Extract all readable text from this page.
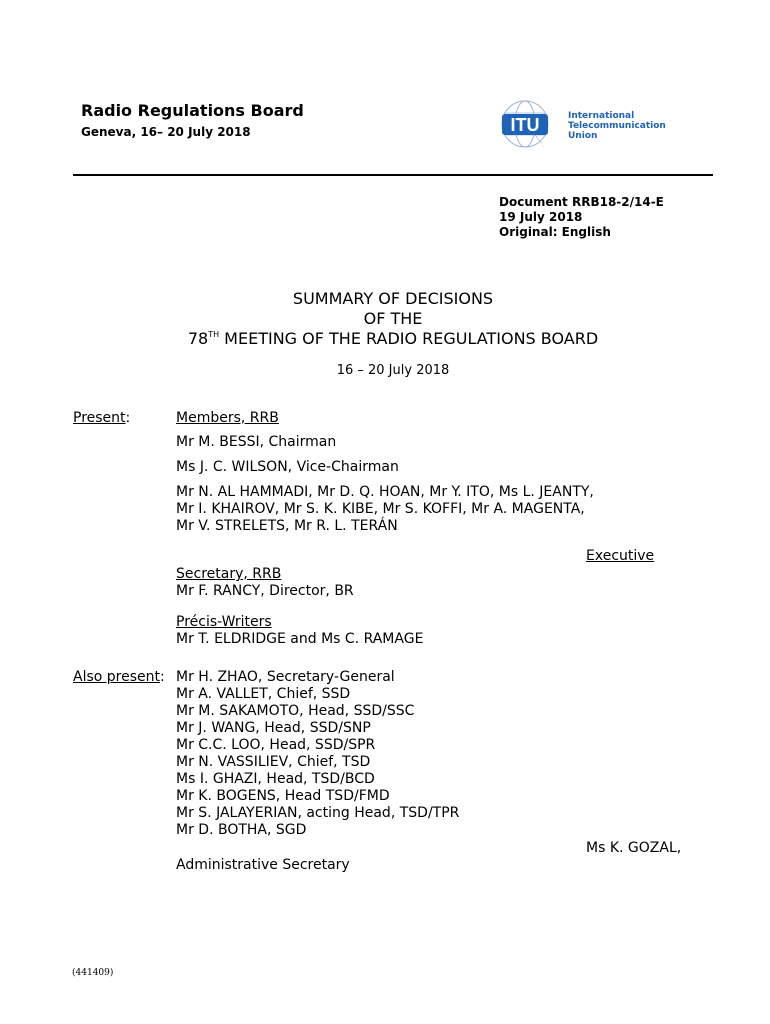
Radio Regulations Board
Geneva, 16– 20 July 2018	ITU	International
Telecommunication
Union
Document RRB18-2/14-E
19 July 2018
Original: English
SUMMARY OF DECISIONS
OF THE
78TH MEETING OF THE RADIO REGULATIONS BOARD
16 – 20 July 2018
Present:	Members, RRB
Mr M. BESSI, Chairman
Ms J. C. WILSON, Vice-Chairman
Mr N. AL HAMMADI, Mr D. Q. HOAN, Mr Y. ITO, Ms L. JEANTY,
Mr I. KHAIROV, Mr S. K. KIBE, Mr S. KOFFI, Mr A. MAGENTA,
Mr V. STRELETS, Mr R. L. TERÁN
Executive
Secretary, RRB
Mr F. RANCY, Director, BR
Précis-Writers
Mr T. ELDRIDGE and Ms C. RAMAGE
Also present: Mr H. ZHAO, Secretary-General
Mr A. VALLET, Chief, SSD
Mr M. SAKAMOTO, Head, SSD/SSC
Mr J. WANG, Head, SSD/SNP
Mr C.C. LOO, Head, SSD/SPR
Mr N. VASSILIEV, Chief, TSD
Ms I. GHAZI, Head, TSD/BCD
Mr K. BOGENS, Head TSD/FMD
Mr S. JALAYERIAN, acting Head, TSD/TPR
Mr D. BOTHA, SGD
Ms K. GOZAL,
Administrative Secretary
(441409)
